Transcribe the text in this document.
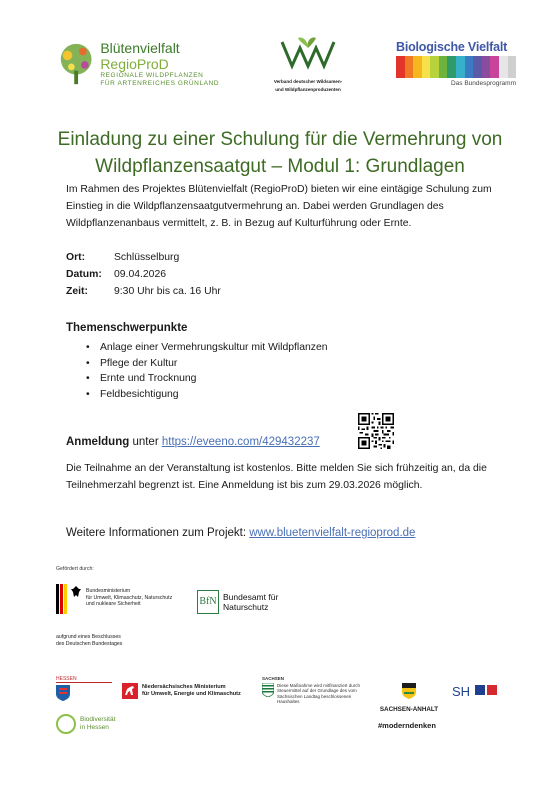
Blütenvielfalt RegioProD
REGIONALE WILDPFLANZEN
FÜR ARTENREICHES GRÜNLAND	Verband deutscher Wildsamen-
und Wildpflanzenproduzenten
Biologische Vielfalt
Das Bundesprogramm
Einladung zu einer Schulung für die Vermehrung von
Wildpflanzensaatgut – Modul 1: Grundlagen
Im Rahmen des Projektes Blütenvielfalt (RegioProD) bieten wir eine eintägige Schulung zum Einstieg in die Wildpflanzensaatgutvermehrung an. Dabei werden Grundlagen des Wildpflanzenanbaus vermittelt, z. B. in Bezug auf Kulturführung oder Ernte.
Ort:	Schlüsselburg
Datum:	09.04.2026
Zeit:	9:30 Uhr bis ca. 16 Uhr
Themenschwerpunkte
• Anlage einer Vermehrungskultur mit Wildpflanzen
• Pflege der Kultur
• Ernte und Trocknung
• Feldbesichtigung
Anmeldung unter https://eveeno.com/429432237
Die Teilnahme an der Veranstaltung ist kostenlos. Bitte melden Sie sich frühzeitig an, da die Teilnehmerzahl begrenzt ist. Eine Anmeldung ist bis zum 29.03.2026 möglich.
Weitere Informationen zum Projekt: www.bluetenvielfalt-regioprod.de
Gefördert durch:
Bundesministerium
für Umwelt, Klimaschutz, Naturschutz
und nukleare Sicherheit	BfN Bundesamt für
Naturschutz
aufgrund eines Beschlusses
des Deutschen Bundestages
HESSEN
Niedersächsisches Ministerium
für Umwelt, Energie und Klimaschutz
SACHSEN
Diese Maßnahme wird mitfinanziert durch Steuermittel auf der Grundlage des vom Sächsischen Landtag beschlossenen Haushaltes
SACHSEN-ANHALT
SH
#moderndenken
Biodiversität
in Hessen
